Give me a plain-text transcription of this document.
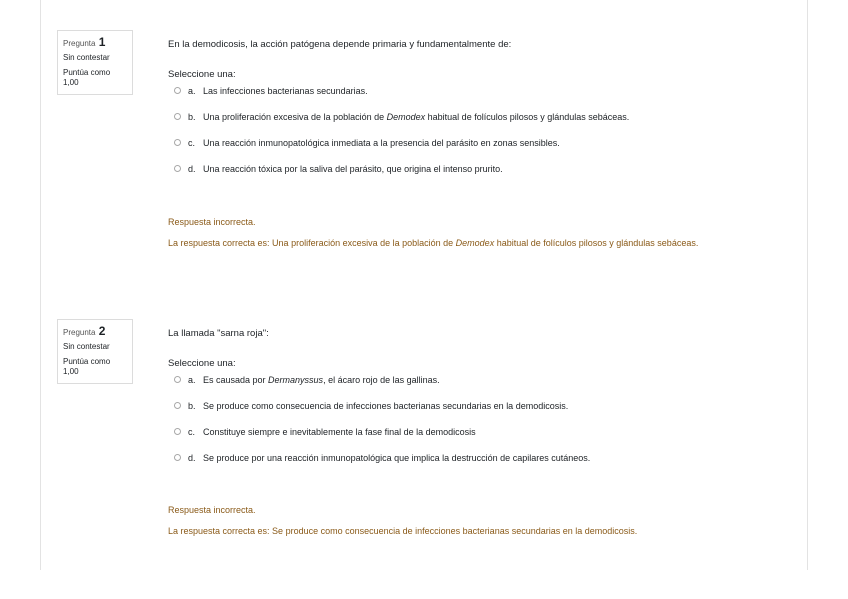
Pregunta 1
Sin contestar
Puntúa como
1,00
En la demodicosis, la acción patógena depende primaria y fundamentalmente de:
Seleccione una:
a. Las infecciones bacterianas secundarias.
b. Una proliferación excesiva de la población de Demodex habitual de folículos pilosos y glándulas sebáceas.
c. Una reacción inmunopatológica inmediata a la presencia del parásito en zonas sensibles.
d. Una reacción tóxica por la saliva del parásito, que origina el intenso prurito.
Respuesta incorrecta.
La respuesta correcta es: Una proliferación excesiva de la población de Demodex habitual de folículos pilosos y glándulas sebáceas.
Pregunta 2
Sin contestar
Puntúa como
1,00
La llamada "sarna roja":
Seleccione una:
a. Es causada por Dermanyssus, el ácaro rojo de las gallinas.
b. Se produce como consecuencia de infecciones bacterianas secundarias en la demodicosis.
c. Constituye siempre e inevitablemente la fase final de la demodicosis
d. Se produce por una reacción inmunopatológica que implica la destrucción de capilares cutáneos.
Respuesta incorrecta.
La respuesta correcta es: Se produce como consecuencia de infecciones bacterianas secundarias en la demodicosis.
